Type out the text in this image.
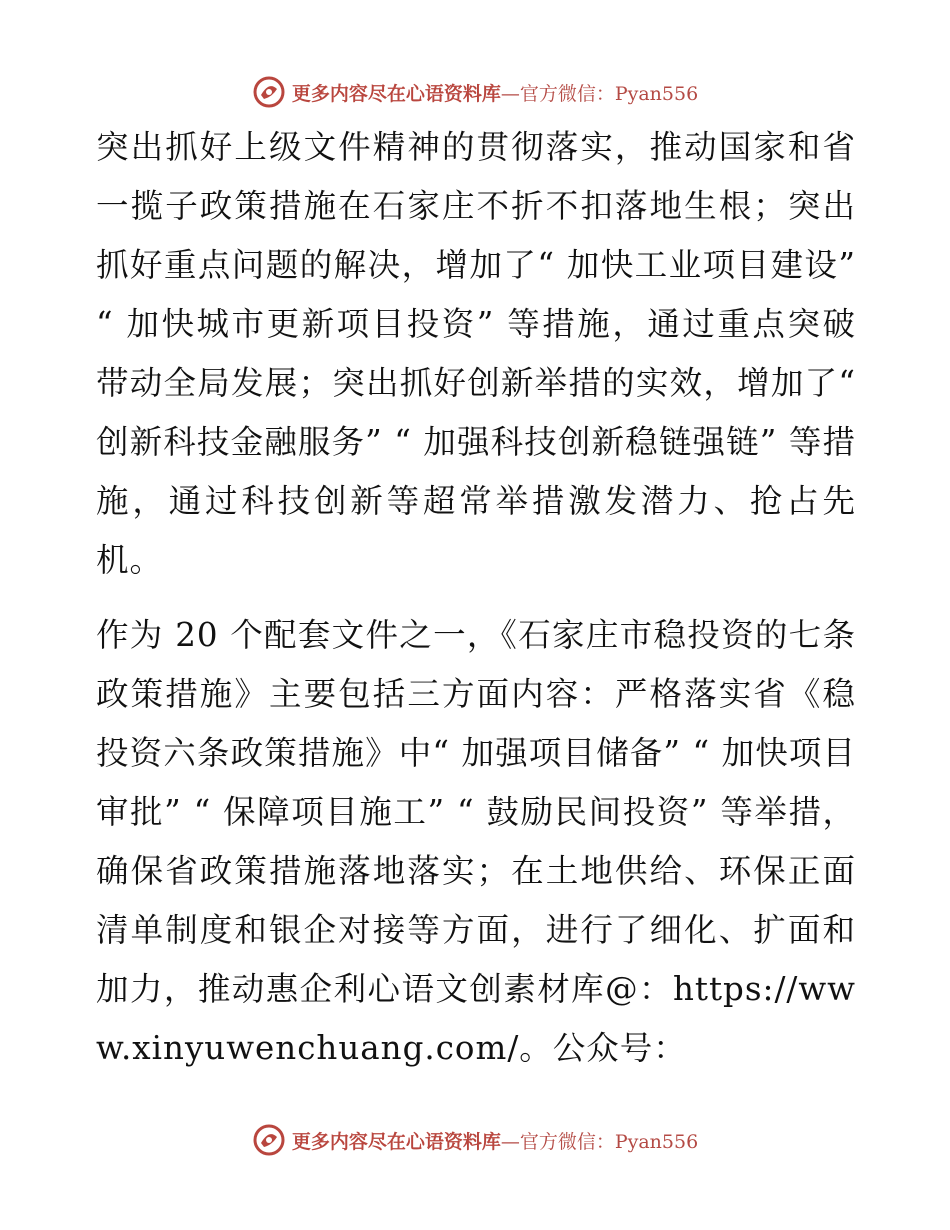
更多内容尽在心语资料库—官方微信：Pyan556

突出抓好上级文件精神的贯彻落实，推动国家和省一揽子政策措施在石家庄不折不扣落地生根；突出抓好重点问题的解决，增加了“ 加快工业项目建设” “ 加快城市更新项目投资” 等措施，通过重点突破带动全局发展；突出抓好创新举措的实效，增加了“ 创新科技金融服务” “ 加强科技创新稳链强链” 等措施，通过科技创新等超常举措激发潜力、抢占先机。

作为 20 个配套文件之一，《石家庄市稳投资的七条政策措施》主要包括三方面内容：严格落实省《稳投资六条政策措施》中“ 加强项目储备” “ 加快项目审批” “ 保障项目施工” “ 鼓励民间投资” 等举措，确保省政策措施落地落实；在土地供给、环保正面清单制度和银企对接等方面，进行了细化、扩面和加力，推动惠企利心语文创素材库@：https://www.xinyuwenchuang.com/。公众号：

更多内容尽在心语资料库—官方微信：Pyan556
